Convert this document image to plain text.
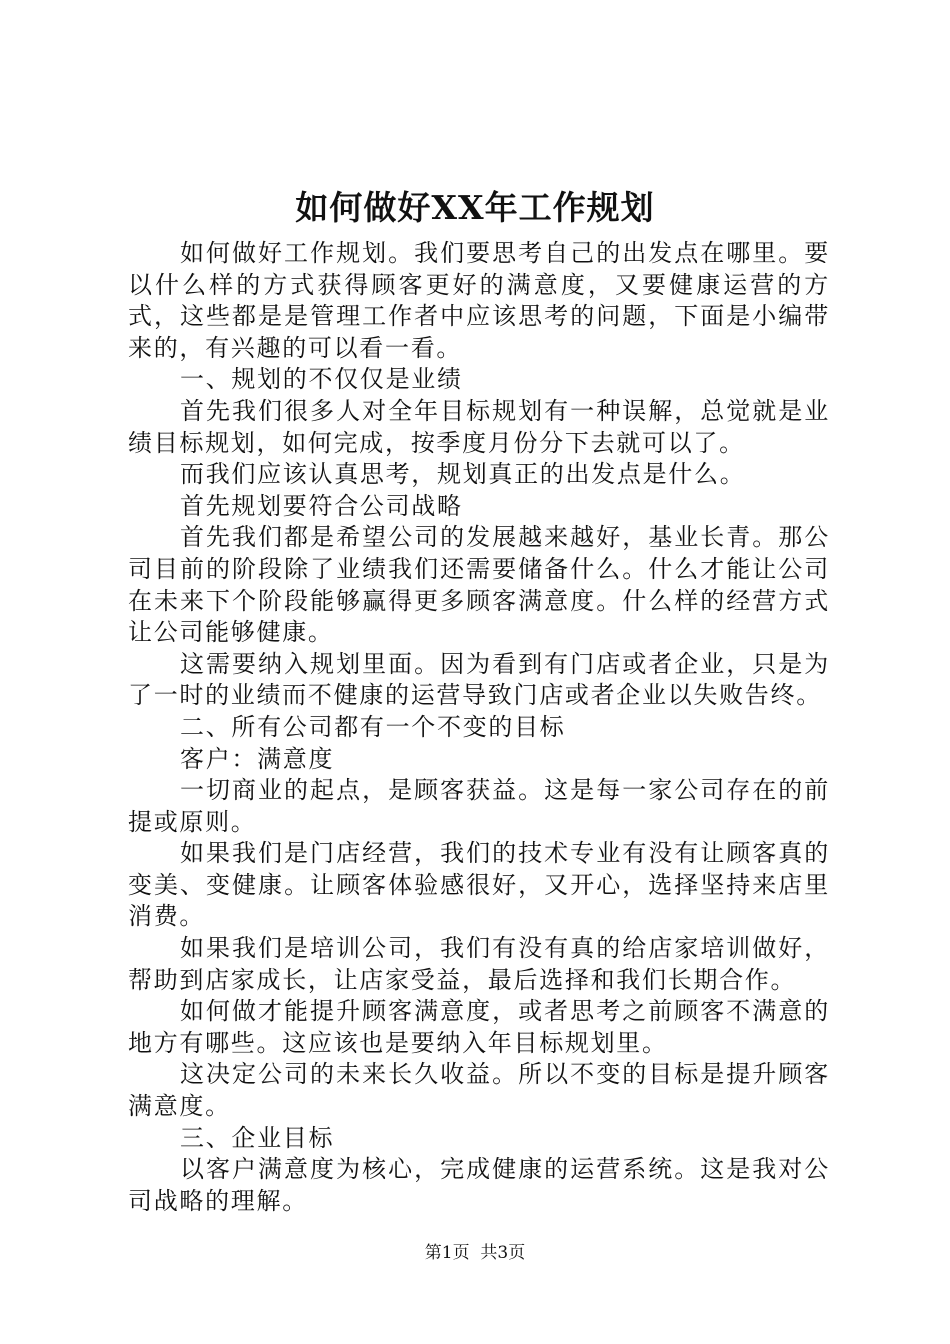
如何做好XX年工作规划

如何做好工作规划。我们要思考自己的出发点在哪里。要以什么样的方式获得顾客更好的满意度，又要健康运营的方式，这些都是是管理工作者中应该思考的问题，下面是小编带来的，有兴趣的可以看一看。

一、规划的不仅仅是业绩

首先我们很多人对全年目标规划有一种误解，总觉就是业绩目标规划，如何完成，按季度月份分下去就可以了。

而我们应该认真思考，规划真正的出发点是什么。

首先规划要符合公司战略

首先我们都是希望公司的发展越来越好，基业长青。那公司目前的阶段除了业绩我们还需要储备什么。什么才能让公司在未来下个阶段能够赢得更多顾客满意度。什么样的经营方式让公司能够健康。

这需要纳入规划里面。因为看到有门店或者企业，只是为了一时的业绩而不健康的运营导致门店或者企业以失败告终。

二、所有公司都有一个不变的目标

客户：满意度

一切商业的起点，是顾客获益。这是每一家公司存在的前提或原则。

如果我们是门店经营，我们的技术专业有没有让顾客真的变美、变健康。让顾客体验感很好，又开心，选择坚持来店里消费。

如果我们是培训公司，我们有没有真的给店家培训做好，帮助到店家成长，让店家受益，最后选择和我们长期合作。

如何做才能提升顾客满意度，或者思考之前顾客不满意的地方有哪些。这应该也是要纳入年目标规划里。

这决定公司的未来长久收益。所以不变的目标是提升顾客满意度。

三、企业目标

以客户满意度为核心，完成健康的运营系统。这是我对公司战略的理解。

第1页 共3页
